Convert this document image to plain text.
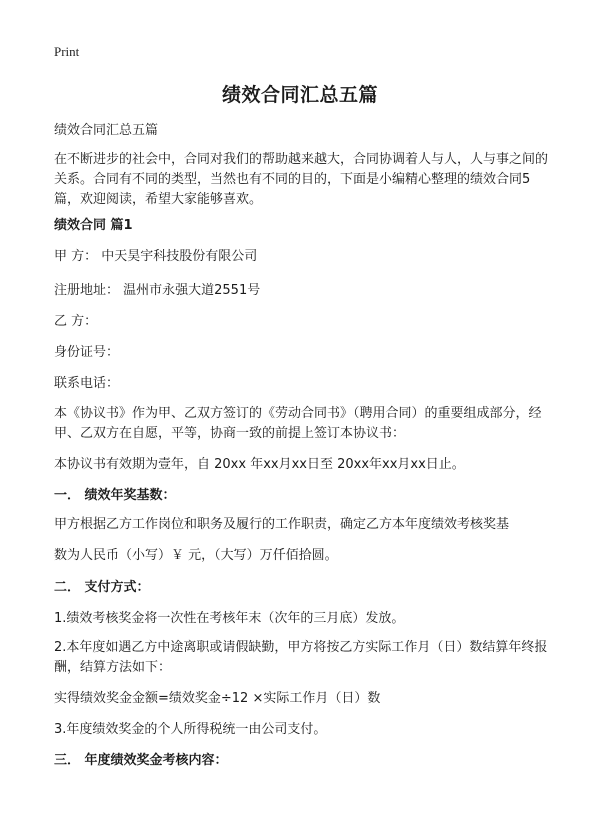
Print
绩效合同汇总五篇
绩效合同汇总五篇
在不断进步的社会中，合同对我们的帮助越来越大，合同协调着人与人，人与事之间的关系。合同有不同的类型，当然也有不同的目的，下面是小编精心整理的绩效合同5篇，欢迎阅读，希望大家能够喜欢。
绩效合同 篇1
甲 方： 中天昊宇科技股份有限公司
注册地址： 温州市永强大道2551号
乙 方：
身份证号：
联系电话：
本《协议书》作为甲、乙双方签订的《劳动合同书》（聘用合同）的重要组成部分，经甲、乙双方在自愿，平等，协商一致的前提上签订本协议书：
本协议书有效期为壹年，自 20xx 年xx月xx日至 20xx年xx月xx日止。
一． 绩效年奖基数：
甲方根据乙方工作岗位和职务及履行的工作职责，确定乙方本年度绩效考核奖基
数为人民币（小写）￥ 元，（大写）万仟佰拾圆。
二． 支付方式：
1.绩效考核奖金将一次性在考核年末（次年的三月底）发放。
2.本年度如遇乙方中途离职或请假缺勤，甲方将按乙方实际工作月（日）数结算年终报酬，结算方法如下：
实得绩效奖金金额=绩效奖金÷12 ×实际工作月（日）数
3.年度绩效奖金的个人所得税统一由公司支付。
三． 年度绩效奖金考核内容：
